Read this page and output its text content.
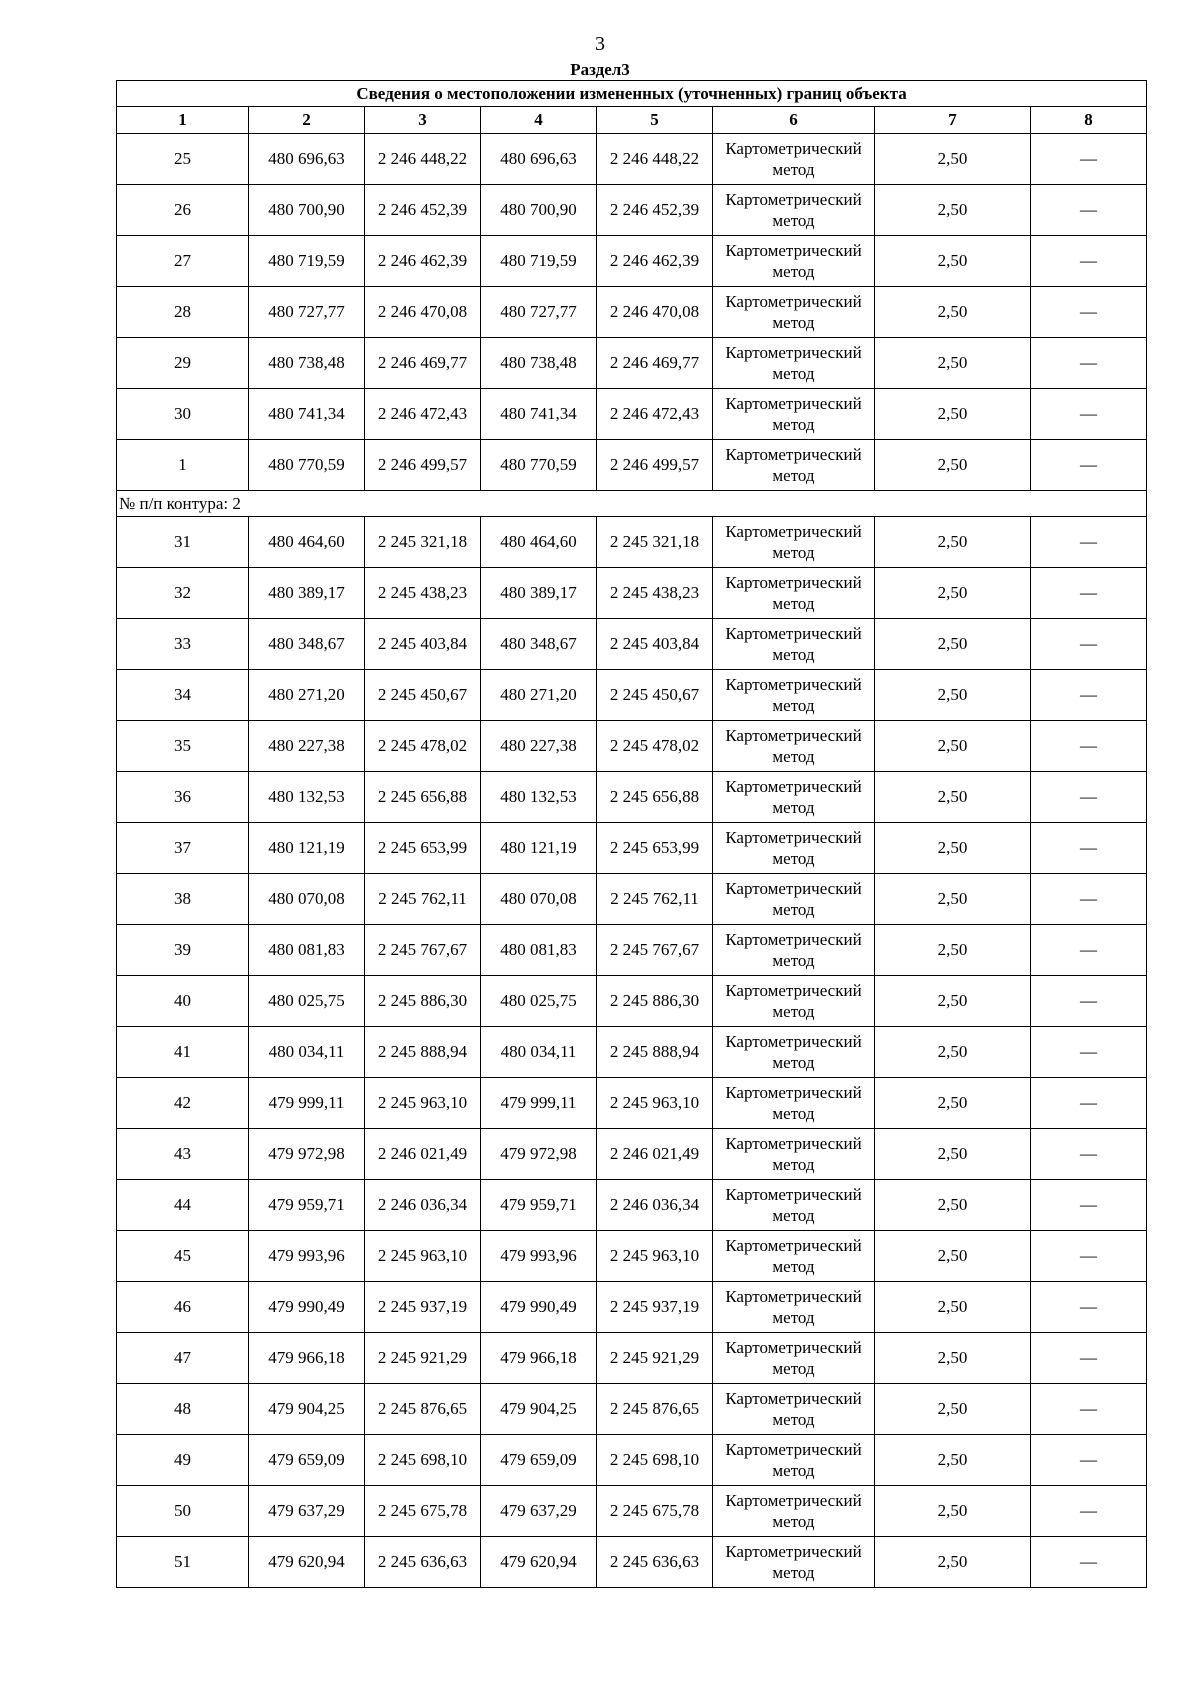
3
Раздел3
Сведения о местоположении измененных (уточненных) границ объекта							
1	2	3	4	5	6	7	8
25	480 696,63	2 246 448,22	480 696,63	2 246 448,22	Картометрический метод	2,50	—
26	480 700,90	2 246 452,39	480 700,90	2 246 452,39	Картометрический метод	2,50	—
27	480 719,59	2 246 462,39	480 719,59	2 246 462,39	Картометрический метод	2,50	—
28	480 727,77	2 246 470,08	480 727,77	2 246 470,08	Картометрический метод	2,50	—
29	480 738,48	2 246 469,77	480 738,48	2 246 469,77	Картометрический метод	2,50	—
30	480 741,34	2 246 472,43	480 741,34	2 246 472,43	Картометрический метод	2,50	—
1	480 770,59	2 246 499,57	480 770,59	2 246 499,57	Картометрический метод	2,50	—
№ п/п контура: 2							
31	480 464,60	2 245 321,18	480 464,60	2 245 321,18	Картометрический метод	2,50	—
32	480 389,17	2 245 438,23	480 389,17	2 245 438,23	Картометрический метод	2,50	—
33	480 348,67	2 245 403,84	480 348,67	2 245 403,84	Картометрический метод	2,50	—
34	480 271,20	2 245 450,67	480 271,20	2 245 450,67	Картометрический метод	2,50	—
35	480 227,38	2 245 478,02	480 227,38	2 245 478,02	Картометрический метод	2,50	—
36	480 132,53	2 245 656,88	480 132,53	2 245 656,88	Картометрический метод	2,50	—
37	480 121,19	2 245 653,99	480 121,19	2 245 653,99	Картометрический метод	2,50	—
38	480 070,08	2 245 762,11	480 070,08	2 245 762,11	Картометрический метод	2,50	—
39	480 081,83	2 245 767,67	480 081,83	2 245 767,67	Картометрический метод	2,50	—
40	480 025,75	2 245 886,30	480 025,75	2 245 886,30	Картометрический метод	2,50	—
41	480 034,11	2 245 888,94	480 034,11	2 245 888,94	Картометрический метод	2,50	—
42	479 999,11	2 245 963,10	479 999,11	2 245 963,10	Картометрический метод	2,50	—
43	479 972,98	2 246 021,49	479 972,98	2 246 021,49	Картометрический метод	2,50	—
44	479 959,71	2 246 036,34	479 959,71	2 246 036,34	Картометрический метод	2,50	—
45	479 993,96	2 245 963,10	479 993,96	2 245 963,10	Картометрический метод	2,50	—
46	479 990,49	2 245 937,19	479 990,49	2 245 937,19	Картометрический метод	2,50	—
47	479 966,18	2 245 921,29	479 966,18	2 245 921,29	Картометрический метод	2,50	—
48	479 904,25	2 245 876,65	479 904,25	2 245 876,65	Картометрический метод	2,50	—
49	479 659,09	2 245 698,10	479 659,09	2 245 698,10	Картометрический метод	2,50	—
50	479 637,29	2 245 675,78	479 637,29	2 245 675,78	Картометрический метод	2,50	—
51	479 620,94	2 245 636,63	479 620,94	2 245 636,63	Картометрический метод	2,50	—
